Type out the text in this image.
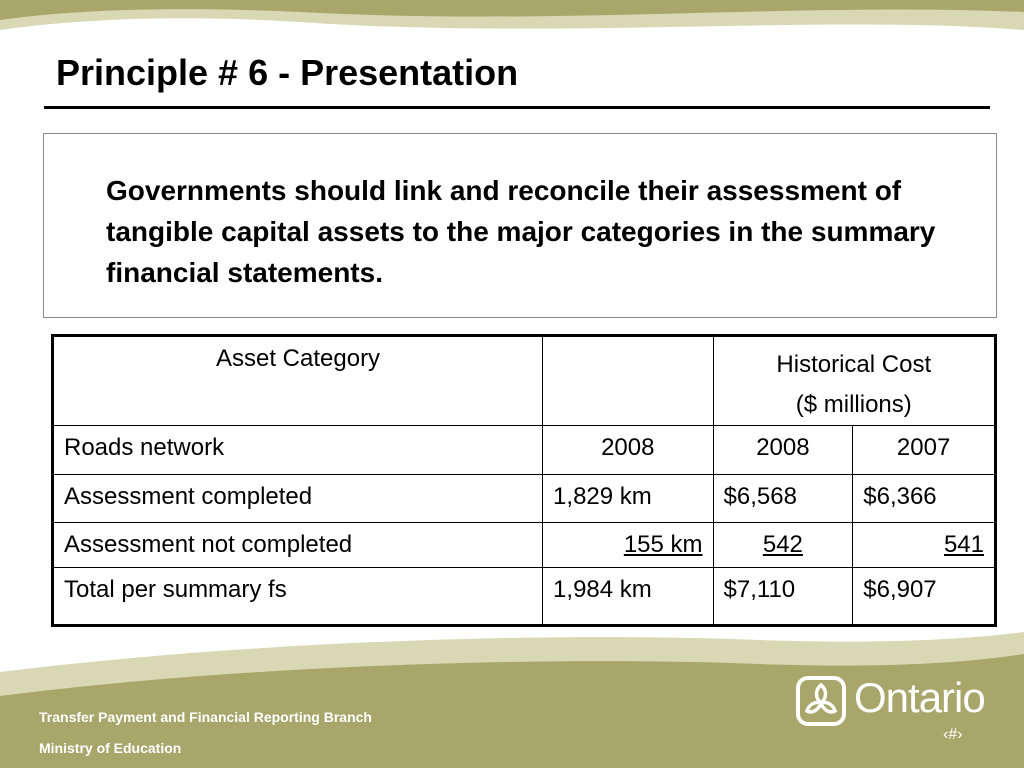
Principle # 6 - Presentation
Governments should link and reconcile their assessment of tangible capital assets to the major categories in the summary financial statements.
Asset Category		Historical Cost
($ millions)	

Roads network	2008	2008	2007
Assessment completed	1,829 km	$6,568	$6,366
Assessment not completed	155 km	542	541
Total per summary fs	1,984 km	$7,110	$6,907
Transfer Payment and Financial Reporting Branch
Ministry of Education
Ontario
‹#›
